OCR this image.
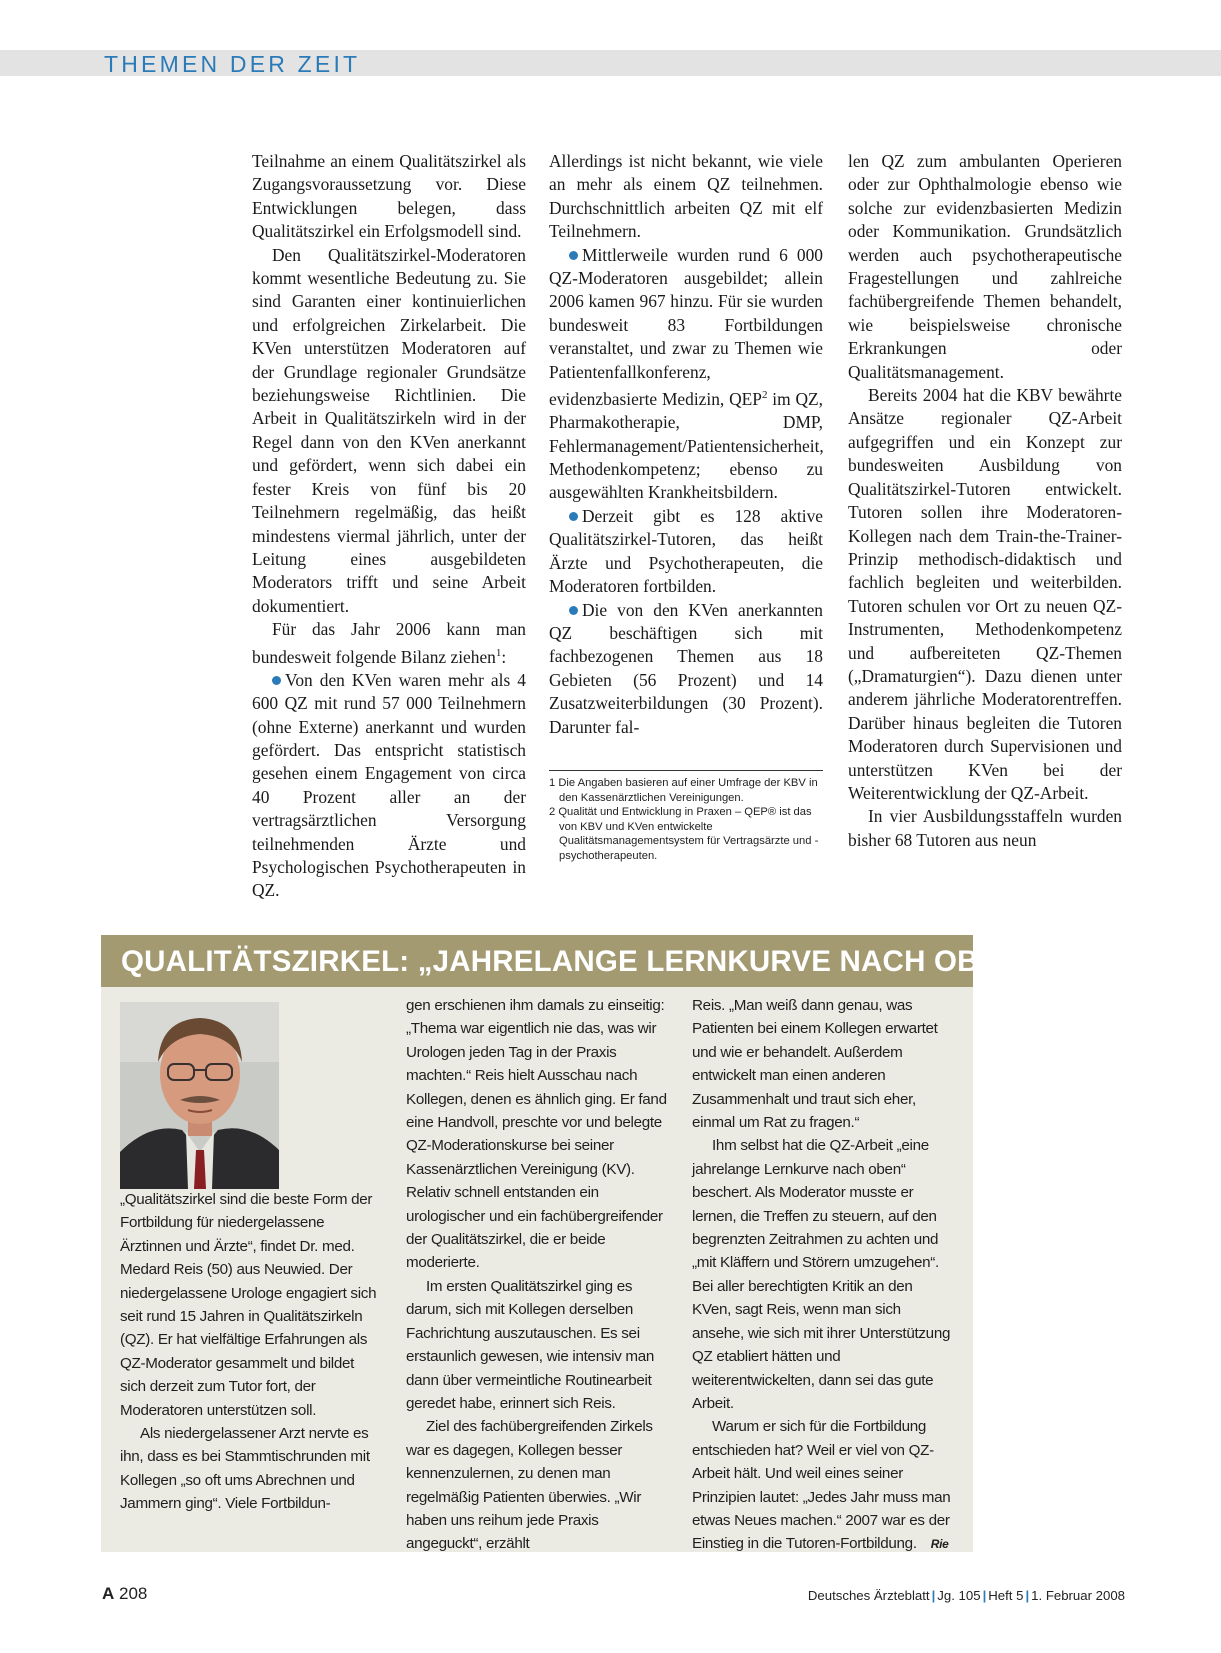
THEMEN DER ZEIT

Teilnahme an einem Qualitätszirkel als Zugangsvoraussetzung vor. Diese Entwicklungen belegen, dass Qualitätszirkel ein Erfolgsmodell sind.

Den Qualitätszirkel-Moderatoren kommt wesentliche Bedeutung zu. Sie sind Garanten einer kontinuierlichen und erfolgreichen Zirkelarbeit. Die KVen unterstützen Moderatoren auf der Grundlage regionaler Grundsätze beziehungsweise Richtlinien. Die Arbeit in Qualitätszirkeln wird in der Regel dann von den KVen anerkannt und gefördert, wenn sich dabei ein fester Kreis von fünf bis 20 Teilnehmern regelmäßig, das heißt mindestens viermal jährlich, unter der Leitung eines ausgebildeten Moderators trifft und seine Arbeit dokumentiert.

Für das Jahr 2006 kann man bundesweit folgende Bilanz ziehen$^1$:

Von den KVen waren mehr als 4 600 QZ mit rund 57 000 Teilnehmern (ohne Externe) anerkannt und wurden gefördert. Das entspricht statistisch gesehen einem Engagement von circa 40 Prozent aller an der vertragsärztlichen Versorgung teilnehmenden Ärzte und Psychologischen Psychotherapeuten in QZ.

Allerdings ist nicht bekannt, wie viele an mehr als einem QZ teilnehmen. Durchschnittlich arbeiten QZ mit elf Teilnehmern.

Mittlerweile wurden rund 6 000 QZ-Moderatoren ausgebildet; allein 2006 kamen 967 hinzu. Für sie wurden bundesweit 83 Fortbildungen veranstaltet, und zwar zu Themen wie Patientenfallkonferenz, evidenzbasierte Medizin, QEP$^2$ im QZ, Pharmakotherapie, DMP, Fehlermanagement/Patientensicherheit, Methodenkompetenz; ebenso zu ausgewählten Krankheitsbildern.

Derzeit gibt es 128 aktive Qualitätszirkel-Tutoren, das heißt Ärzte und Psychotherapeuten, die Moderatoren fortbilden.

Die von den KVen anerkannten QZ beschäftigen sich mit fachbezogenen Themen aus 18 Gebieten (56 Prozent) und 14 Zusatzweiterbildungen (30 Prozent). Darunter fal-

1 Die Angaben basieren auf einer Umfrage der KBV in den Kassenärztlichen Vereinigungen.

2 Qualität und Entwicklung in Praxen – QEP® ist das von KBV und KVen entwickelte Qualitätsmanagementsystem für Vertragsärzte und -psychotherapeuten.

len QZ zum ambulanten Operieren oder zur Ophthalmologie ebenso wie solche zur evidenzbasierten Medizin oder Kommunikation. Grundsätzlich werden auch psychotherapeutische Fragestellungen und zahlreiche fachübergreifende Themen behandelt, wie beispielsweise chronische Erkrankungen oder Qualitätsmanagement.

Bereits 2004 hat die KBV bewährte Ansätze regionaler QZ-Arbeit aufgegriffen und ein Konzept zur bundesweiten Ausbildung von Qualitätszirkel-Tutoren entwickelt. Tutoren sollen ihre Moderatoren-Kollegen nach dem Train-the-Trainer-Prinzip methodisch-didaktisch und fachlich begleiten und weiterbilden. Tutoren schulen vor Ort zu neuen QZ-Instrumenten, Methodenkompetenz und aufbereiteten QZ-Themen („Dramaturgien“). Dazu dienen unter anderem jährliche Moderatorentreffen. Darüber hinaus begleiten die Tutoren Moderatoren durch Supervisionen und unterstützen KVen bei der Weiterentwicklung der QZ-Arbeit.

In vier Ausbildungsstaffeln wurden bisher 68 Tutoren aus neun

QUALITÄTSZIRKEL: „JAHRELANGE LERNKURVE NACH OBEN“

„Qualitätszirkel sind die beste Form der Fortbildung für niedergelassene Ärztinnen und Ärzte“, findet Dr. med. Medard Reis (50) aus Neuwied. Der niedergelassene Urologe engagiert sich seit rund 15 Jahren in Qualitätszirkeln (QZ). Er hat vielfältige Erfahrungen als QZ-Moderator gesammelt und bildet sich derzeit zum Tutor fort, der Moderatoren unterstützen soll.

Als niedergelassener Arzt nervte es ihn, dass es bei Stammtischrunden mit Kollegen „so oft ums Abrechnen und Jammern ging“. Viele Fortbildun-

gen erschienen ihm damals zu einseitig: „Thema war eigentlich nie das, was wir Urologen jeden Tag in der Praxis machten.“ Reis hielt Ausschau nach Kollegen, denen es ähnlich ging. Er fand eine Handvoll, preschte vor und belegte QZ-Moderationskurse bei seiner Kassenärztlichen Vereinigung (KV). Relativ schnell entstanden ein urologischer und ein fachübergreifender der Qualitätszirkel, die er beide moderierte.

Im ersten Qualitätszirkel ging es darum, sich mit Kollegen derselben Fachrichtung auszutauschen. Es sei erstaunlich gewesen, wie intensiv man dann über vermeintliche Routinearbeit geredet habe, erinnert sich Reis.

Ziel des fachübergreifenden Zirkels war es dagegen, Kollegen besser kennenzulernen, zu denen man regelmäßig Patienten überwies. „Wir haben uns reihum jede Praxis angeguckt“, erzählt

Reis. „Man weiß dann genau, was Patienten bei einem Kollegen erwartet und wie er behandelt. Außerdem entwickelt man einen anderen Zusammenhalt und traut sich eher, einmal um Rat zu fragen.“

Ihm selbst hat die QZ-Arbeit „eine jahrelange Lernkurve nach oben“ beschert. Als Moderator musste er lernen, die Treffen zu steuern, auf den begrenzten Zeitrahmen zu achten und „mit Kläffern und Störern umzugehen“. Bei aller berechtigten Kritik an den KVen, sagt Reis, wenn man sich ansehe, wie sich mit ihrer Unterstützung QZ etabliert hätten und weiterentwickelten, dann sei das gute Arbeit.

Warum er sich für die Fortbildung entschieden hat? Weil er viel von QZ-Arbeit hält. Und weil eines seiner Prinzipien lautet: „Jedes Jahr muss man etwas Neues machen.“ 2007 war es der Einstieg in die Tutoren-Fortbildung. Rie

A 208	Deutsches Ärzteblatt | Jg. 105 | Heft 5 | 1. Februar 2008
